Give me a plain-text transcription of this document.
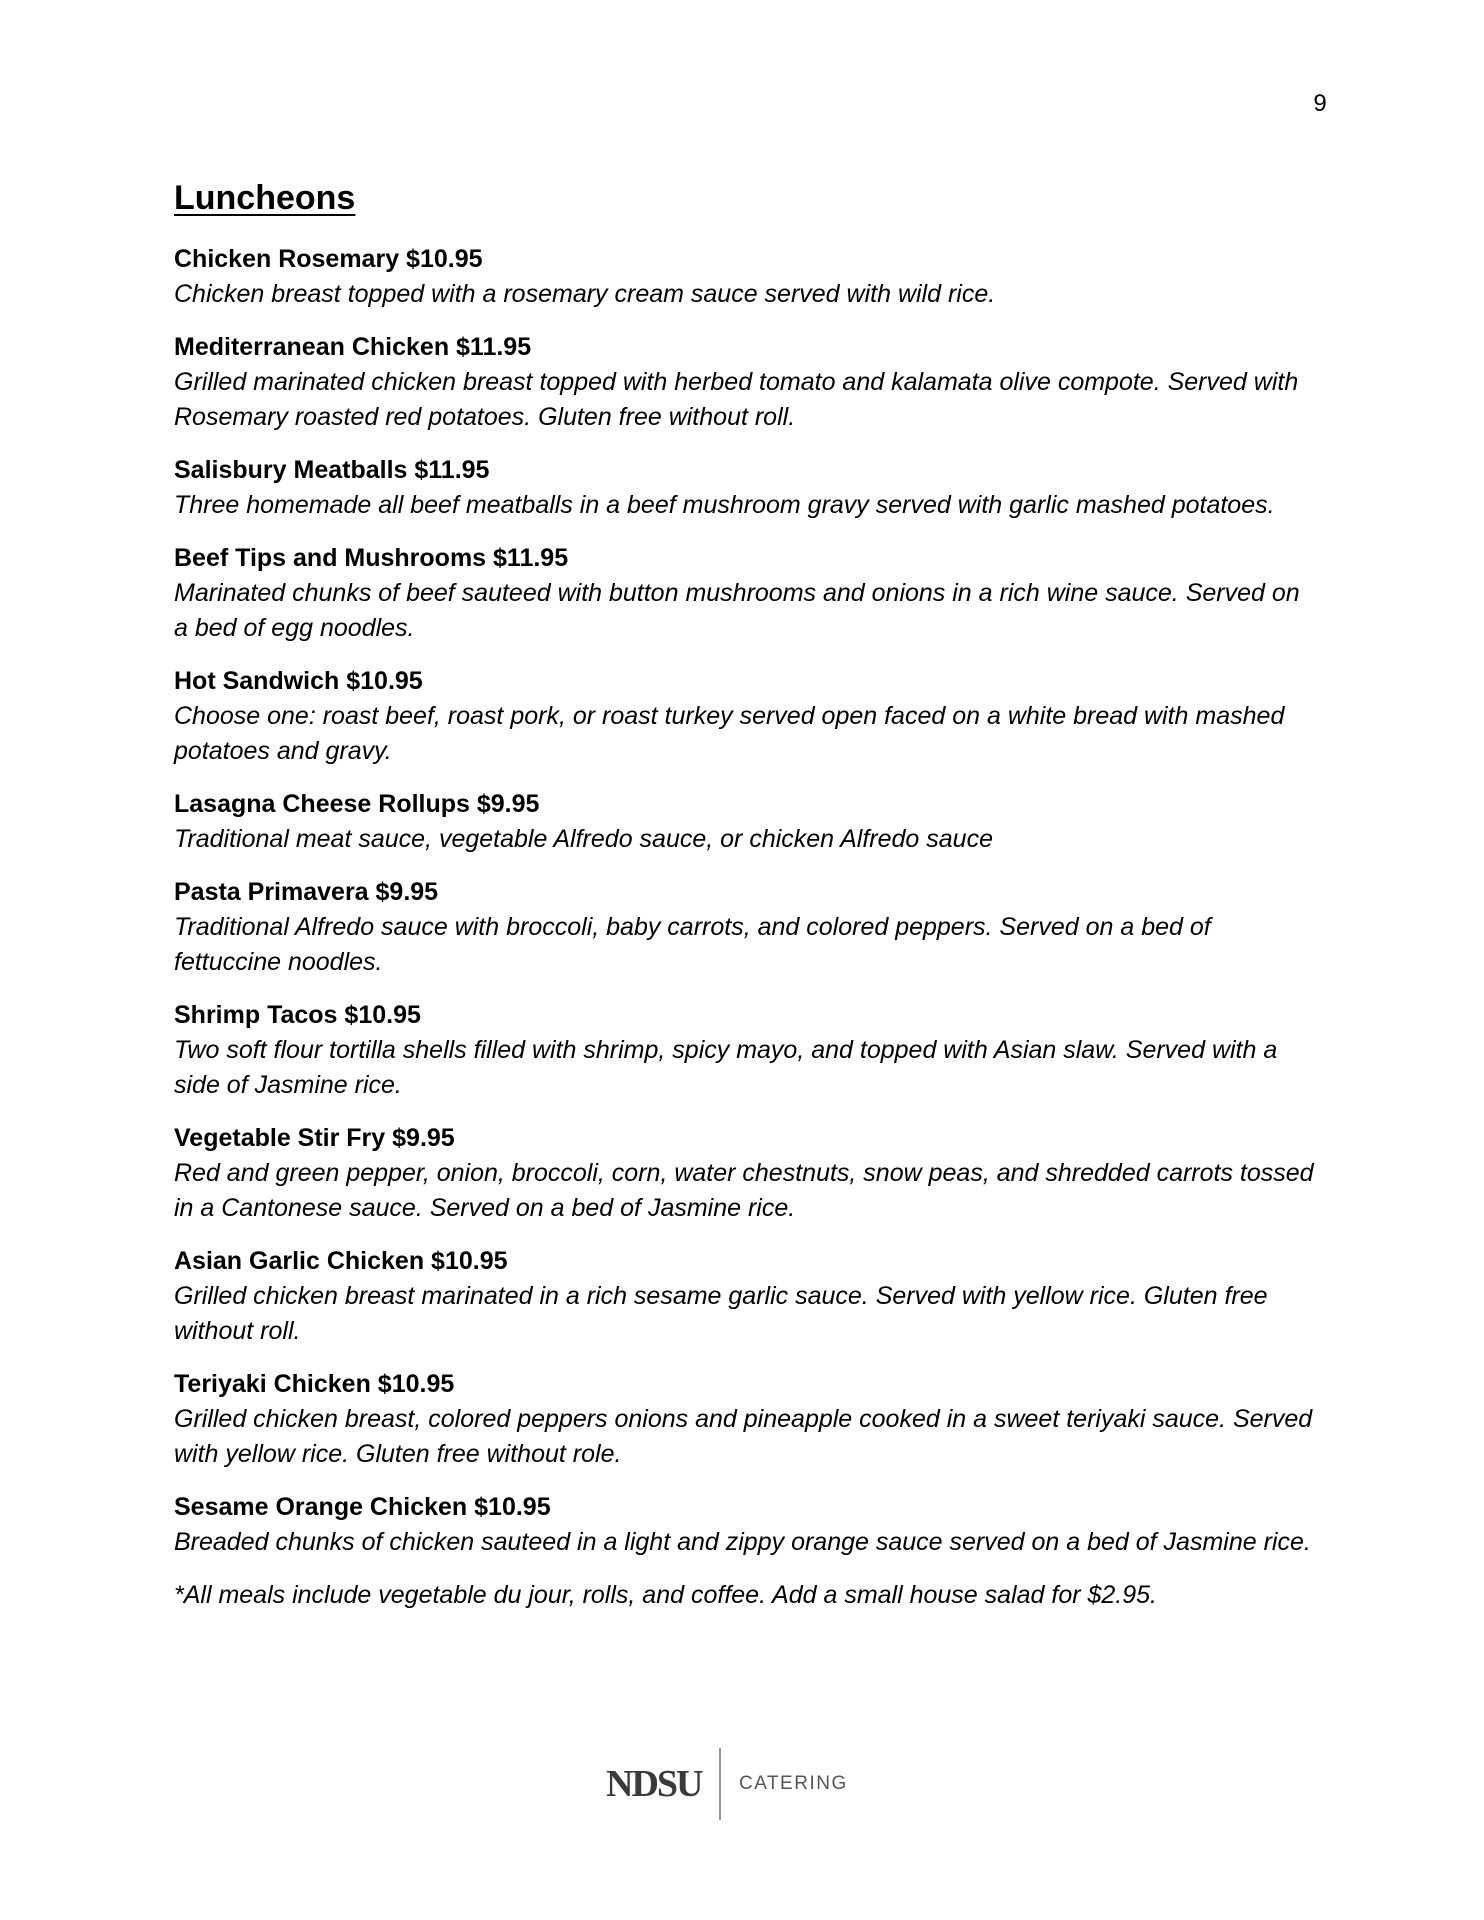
9
Luncheons

Chicken Rosemary $10.95

Chicken breast topped with a rosemary cream sauce served with wild rice.

Mediterranean Chicken $11.95

Grilled marinated chicken breast topped with herbed tomato and kalamata olive compote. Served with Rosemary roasted red potatoes. Gluten free without roll.

Salisbury Meatballs $11.95

Three homemade all beef meatballs in a beef mushroom gravy served with garlic mashed potatoes.

Beef Tips and Mushrooms $11.95

Marinated chunks of beef sauteed with button mushrooms and onions in a rich wine sauce. Served on a bed of egg noodles.

Hot Sandwich $10.95

Choose one: roast beef, roast pork, or roast turkey served open faced on a white bread with mashed potatoes and gravy.

Lasagna Cheese Rollups $9.95

Traditional meat sauce, vegetable Alfredo sauce, or chicken Alfredo sauce

Pasta Primavera $9.95

Traditional Alfredo sauce with broccoli, baby carrots, and colored peppers. Served on a bed of fettuccine noodles.

Shrimp Tacos $10.95

Two soft flour tortilla shells filled with shrimp, spicy mayo, and topped with Asian slaw. Served with a side of Jasmine rice.

Vegetable Stir Fry $9.95

Red and green pepper, onion, broccoli, corn, water chestnuts, snow peas, and shredded carrots tossed in a Cantonese sauce. Served on a bed of Jasmine rice.

Asian Garlic Chicken $10.95

Grilled chicken breast marinated in a rich sesame garlic sauce. Served with yellow rice. Gluten free without roll.

Teriyaki Chicken $10.95

Grilled chicken breast, colored peppers onions and pineapple cooked in a sweet teriyaki sauce. Served with yellow rice. Gluten free without role.

Sesame Orange Chicken $10.95

Breaded chunks of chicken sauteed in a light and zippy orange sauce served on a bed of Jasmine rice.

*All meals include vegetable du jour, rolls, and coffee. Add a small house salad for $2.95.

NDSU	CATERING
